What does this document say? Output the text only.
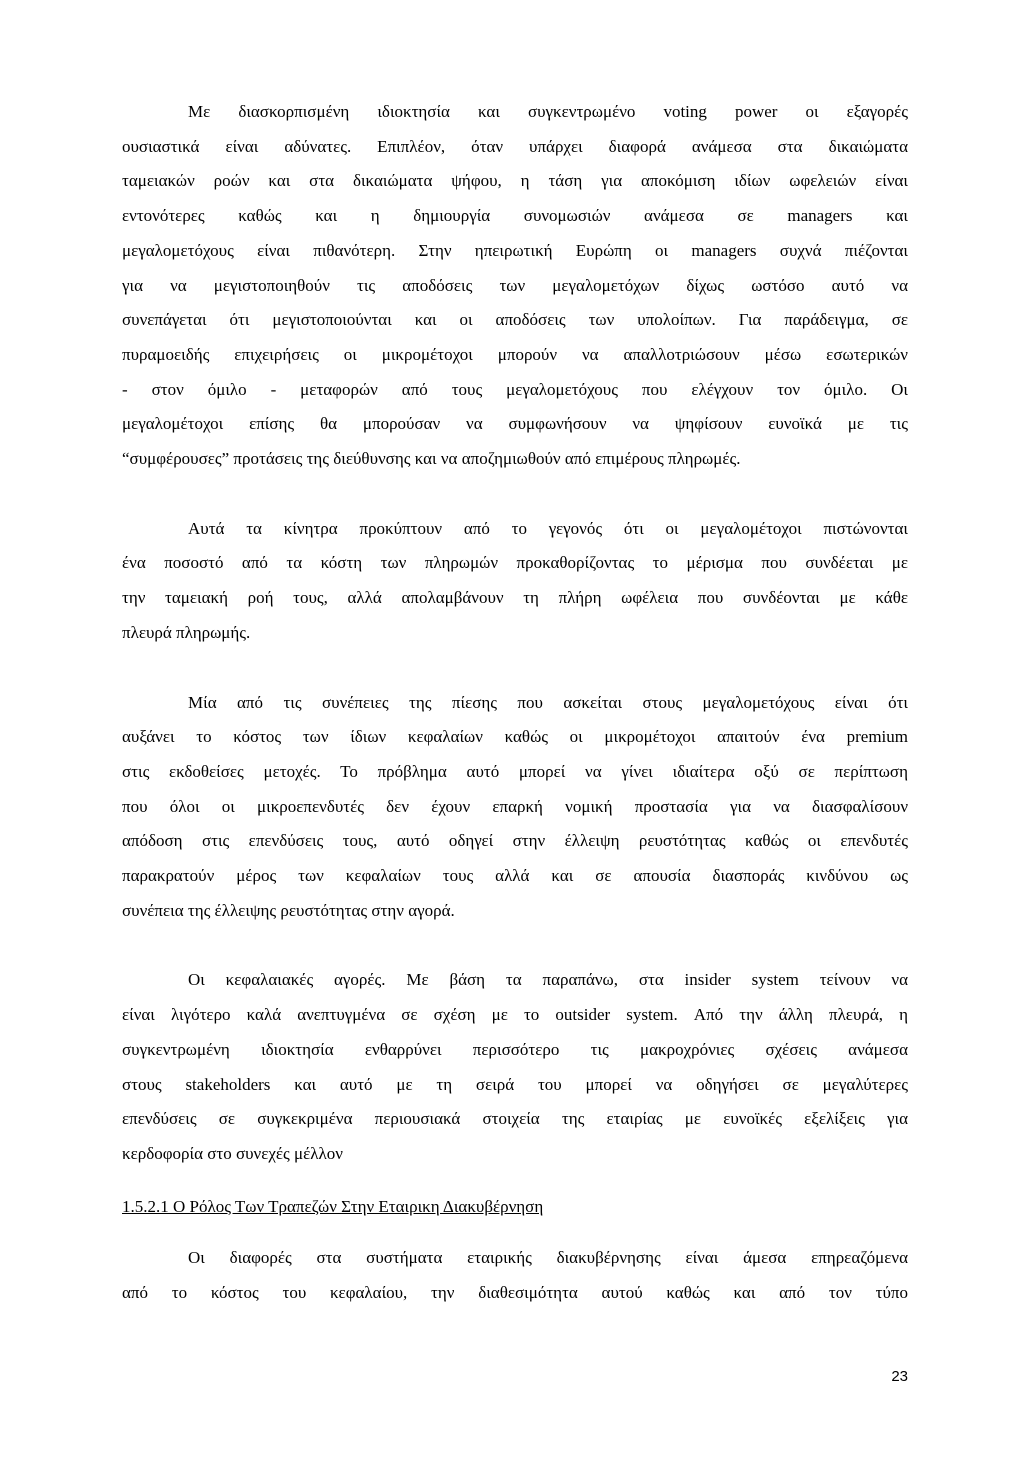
Με διασκορπισμένη ιδιοκτησία και συγκεντρωμένο voting power οι εξαγορές
ουσιαστικά είναι αδύνατες. Επιπλέον, όταν υπάρχει διαφορά ανάμεσα στα δικαιώματα
ταμειακών ροών και στα δικαιώματα ψήφου, η τάση για αποκόμιση ιδίων ωφελειών είναι
εντονότερες καθώς και η δημιουργία συνομωσιών ανάμεσα σε managers και
μεγαλομετόχους είναι πιθανότερη. Στην ηπειρωτική Ευρώπη οι managers συχνά πιέζονται
για να μεγιστοποιηθούν τις αποδόσεις των μεγαλομετόχων δίχως ωστόσο αυτό να
συνεπάγεται ότι μεγιστοποιούνται και οι αποδόσεις των υπολοίπων. Για παράδειγμα, σε
πυραμοειδής επιχειρήσεις οι μικρομέτοχοι μπορούν να απαλλοτριώσουν μέσω εσωτερικών
- στον όμιλο - μεταφορών από τους μεγαλομετόχους που ελέγχουν τον όμιλο. Οι
μεγαλομέτοχοι επίσης θα μπορούσαν να συμφωνήσουν να ψηφίσουν ευνοϊκά με τις
“συμφέρουσες” προτάσεις της διεύθυνσης και να αποζημιωθούν από επιμέρους πληρωμές.

Αυτά τα κίνητρα προκύπτουν από το γεγονός ότι οι μεγαλομέτοχοι πιστώνονται
ένα ποσοστό από τα κόστη των πληρωμών προκαθορίζοντας το μέρισμα που συνδέεται με
την ταμειακή ροή τους, αλλά απολαμβάνουν τη πλήρη ωφέλεια που συνδέονται με κάθε
πλευρά πληρωμής.

Μία από τις συνέπειες της πίεσης που ασκείται στους μεγαλομετόχους είναι ότι
αυξάνει το κόστος των ίδιων κεφαλαίων καθώς οι μικρομέτοχοι απαιτούν ένα premium
στις εκδοθείσες μετοχές. Το πρόβλημα αυτό μπορεί να γίνει ιδιαίτερα οξύ σε περίπτωση
που όλοι οι μικροεπενδυτές δεν έχουν επαρκή νομική προστασία για να διασφαλίσουν
απόδοση στις επενδύσεις τους, αυτό οδηγεί στην έλλειψη ρευστότητας καθώς οι επενδυτές
παρακρατούν μέρος των κεφαλαίων τους αλλά και σε απουσία διασποράς κινδύνου ως
συνέπεια της έλλειψης ρευστότητας στην αγορά.

Οι κεφαλαιακές αγορές. Με βάση τα παραπάνω, στα insider system τείνουν να
είναι λιγότερο καλά ανεπτυγμένα σε σχέση με το outsider system. Από την άλλη πλευρά, η
συγκεντρωμένη ιδιοκτησία ενθαρρύνει περισσότερο τις μακροχρόνιες σχέσεις ανάμεσα
στους stakeholders και αυτό με τη σειρά του μπορεί να οδηγήσει σε μεγαλύτερες
επενδύσεις σε συγκεκριμένα περιουσιακά στοιχεία της εταιρίας με ευνοϊκές εξελίξεις για
κερδοφορία στο συνεχές μέλλον

1.5.2.1 Ο Ρόλος Των Τραπεζών Στην Εταιρικη Διακυβέρνηση

Οι διαφορές στα συστήματα εταιρικής διακυβέρνησης είναι άμεσα επηρεαζόμενα
από το κόστος του κεφαλαίου, την διαθεσιμότητα αυτού καθώς και από τον τύπο

23
